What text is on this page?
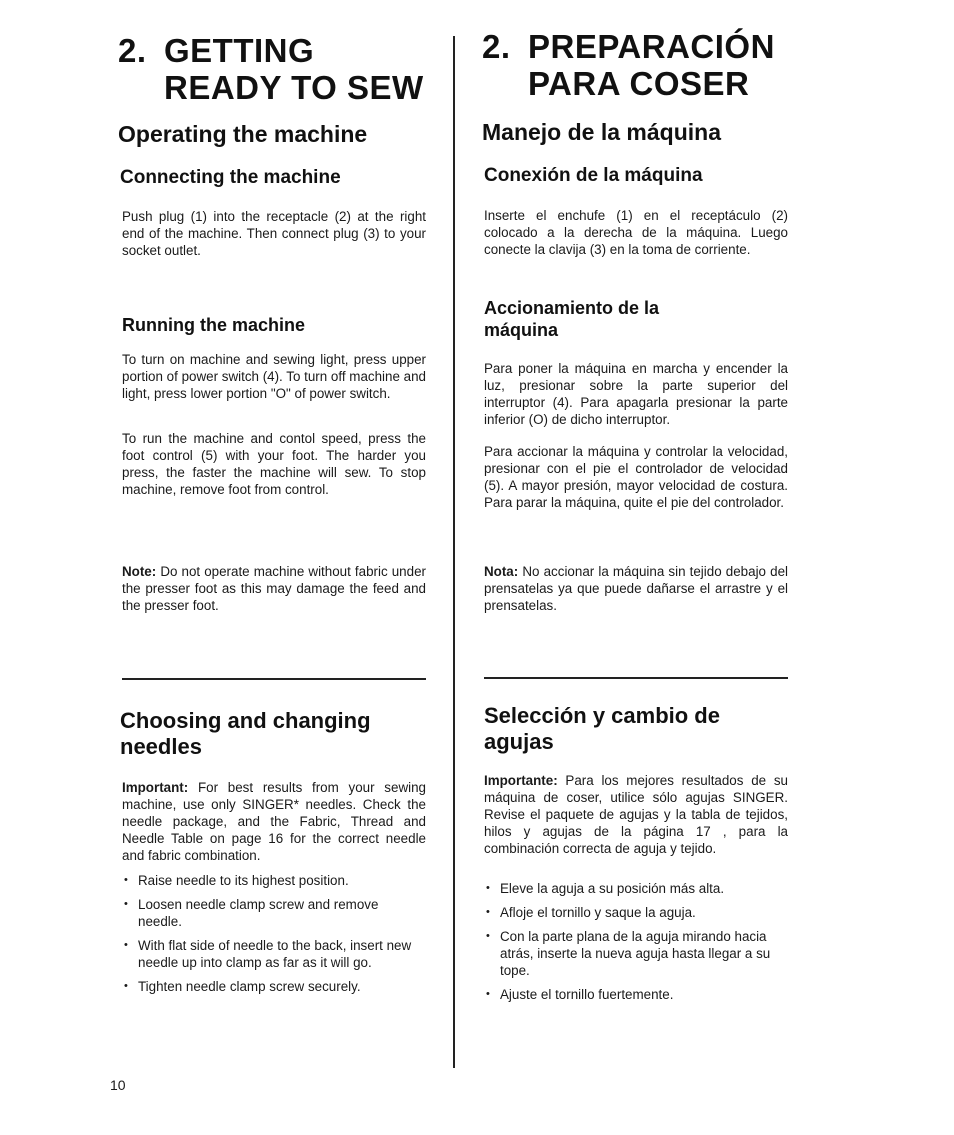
2. GETTING
READY TO SEW
Operating the machine
Connecting the machine

Push plug (1) into the receptacle (2) at the right end of the machine. Then connect plug (3) to your socket outlet.

Running the machine

To turn on machine and sewing light, press upper portion of power switch (4). To turn off machine and light, press lower portion "O" of power switch.

To run the machine and contol speed, press the foot control (5) with your foot. The harder you press, the faster the machine will sew. To stop machine, remove foot from control.

Note: Do not operate machine without fabric under the presser foot as this may damage the feed and the presser foot.

Choosing and changing needles

Important: For best results from your sewing machine, use only SINGER* needles. Check the needle package, and the Fabric, Thread and Needle Table on page 16 for the correct needle and fabric combination.

• Raise needle to its highest position.
• Loosen needle clamp screw and remove needle.
• With flat side of needle to the back, insert new needle up into clamp as far as it will go.
• Tighten needle clamp screw securely.
2. PREPARACIÓN
PARA COSER
Manejo de la máquina
Conexión de la máquina

Inserte el enchufe (1) en el receptáculo (2) colocado a la derecha de la máquina. Luego conecte la clavija (3) en la toma de corriente.

Accionamiento de la
máquina

Para poner la máquina en marcha y encender la luz, presionar sobre la parte superior del interruptor (4). Para apagarla presionar la parte inferior (O) de dicho interruptor.

Para accionar la máquina y controlar la velocidad, presionar con el pie el controlador de velocidad (5). A mayor presión, mayor velocidad de costura. Para parar la máquina, quite el pie del controlador.

Nota: No accionar la máquina sin tejido debajo del prensatelas ya que puede dañarse el arrastre y el prensatelas.

Selección y cambio de agujas

Importante: Para los mejores resultados de su máquina de coser, utilice sólo agujas SINGER. Revise el paquete de agujas y la tabla de tejidos, hilos y agujas de la página 17 , para la combinación correcta de aguja y tejido.

• Eleve la aguja a su posición más alta.
• Afloje el tornillo y saque la aguja.
• Con la parte plana de la aguja mirando hacia atrás, inserte la nueva aguja hasta llegar a su tope.
• Ajuste el tornillo fuertemente.
10
